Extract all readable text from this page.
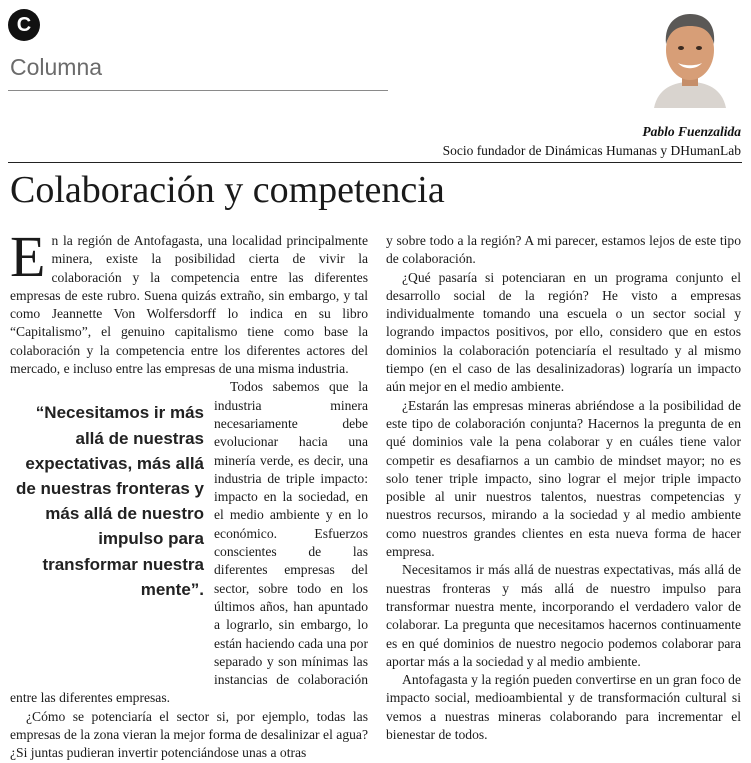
C
Columna
Pablo Fuenzalida
Socio fundador de Dinámicas Humanas y DHumanLab
Colaboración y competencia

En la región de Antofagasta, una localidad principalmente minera, existe la posibilidad cierta de vivir la colaboración y la competencia entre las diferentes empresas de este rubro. Suena quizás extraño, sin embargo, y tal como Jeannette Von Wolfersdorff lo indica en su libro “Capitalismo”, el genuino capitalismo tiene como base la colaboración y la competencia entre los diferentes actores del mercado, e incluso entre las empresas de una misma industria.

“Necesitamos ir más allá de nuestras expectativas, más allá de nuestras fronteras y más allá de nuestro impulso para transformar nuestra mente”.

Todos sabemos que la industria minera necesariamente debe evolucionar hacia una minería verde, es decir, una industria de triple impacto: impacto en la sociedad, en el medio ambiente y en lo económico. Esfuerzos conscientes de las diferentes empresas del sector, sobre todo en los últimos años, han apuntado a lograrlo, sin embargo, lo están haciendo cada una por separado y son mínimas las instancias de colaboración entre las diferentes empresas.

¿Cómo se potenciaría el sector si, por ejemplo, todas las empresas de la zona vieran la mejor forma de desalinizar el agua? ¿Si juntas pudieran invertir potenciándose unas a otras

y sobre todo a la región? A mi parecer, estamos lejos de este tipo de colaboración.

¿Qué pasaría si potenciaran en un programa conjunto el desarrollo social de la región? He visto a empresas individualmente tomando una escuela o un sector social y logrando impactos positivos, por ello, considero que en estos dominios la colaboración potenciaría el resultado y al mismo tiempo (en el caso de las desalinizadoras) lograría un impacto aún mejor en el medio ambiente.

¿Estarán las empresas mineras abriéndose a la posibilidad de este tipo de colaboración conjunta? Hacernos la pregunta de en qué dominios vale la pena colaborar y en cuáles tiene valor competir es desafiarnos a un cambio de mindset mayor; no es solo tener triple impacto, sino lograr el mejor triple impacto posible al unir nuestros talentos, nuestras competencias y nuestros recursos, mirando a la sociedad y al medio ambiente como nuestros grandes clientes en esta nueva forma de hacer empresa.

Necesitamos ir más allá de nuestras expectativas, más allá de nuestras fronteras y más allá de nuestro impulso para transformar nuestra mente, incorporando el verdadero valor de colaborar. La pregunta que necesitamos hacernos continuamente es en qué dominios de nuestro negocio podemos colaborar para aportar más a la sociedad y al medio ambiente.

Antofagasta y la región pueden convertirse en un gran foco de impacto social, medioambiental y de transformación cultural si vemos a nuestras mineras colaborando para incrementar el bienestar de todos.
